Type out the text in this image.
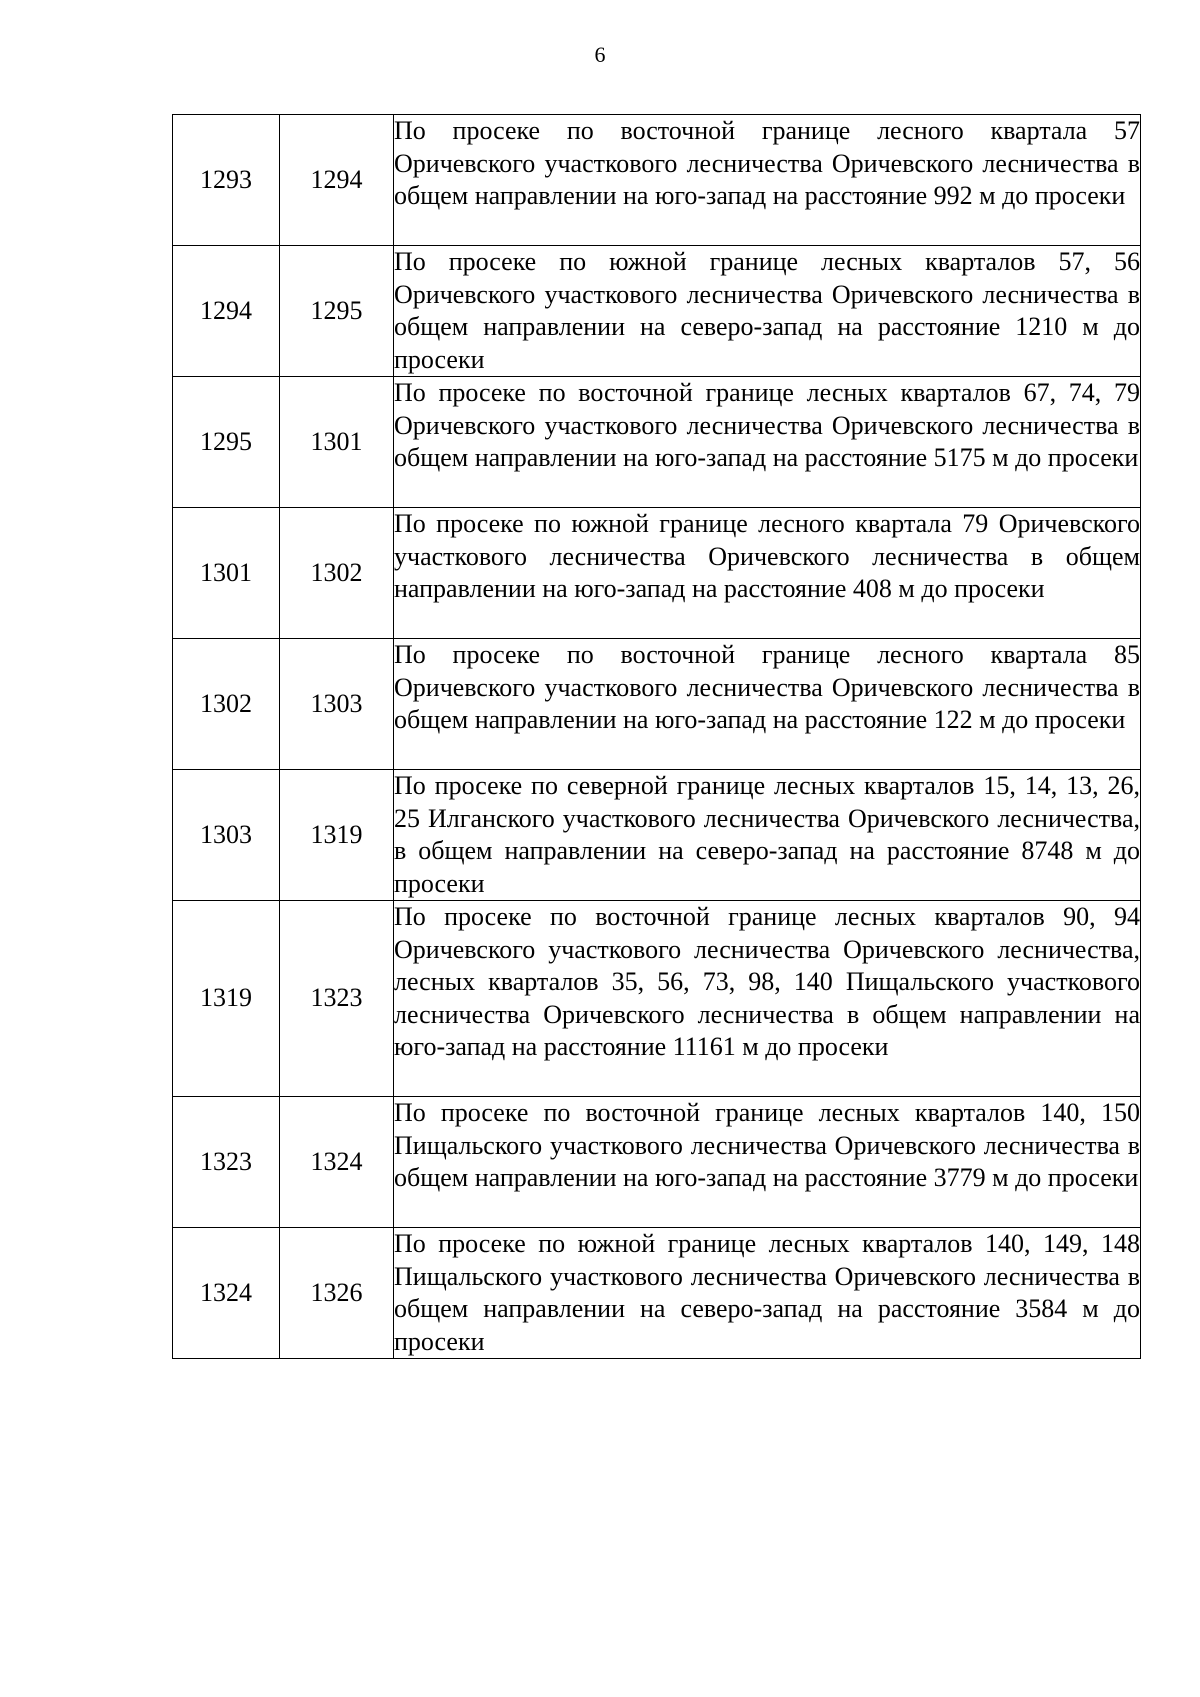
6
1293	1294	По просеке по восточной границе лесного квартала 57 Оричевского участкового лесничества Оричевского лесничества в общем направлении на юго-запад на расстояние 992 м до просеки
1294	1295	По просеке по южной границе лесных кварталов 57, 56 Оричевского участкового лесничества Оричевского лесничества в общем направлении на северо-запад на расстояние 1210 м до просеки
1295	1301	По просеке по восточной границе лесных кварталов 67, 74, 79 Оричевского участкового лесничества Оричевского лесничества в общем направлении на юго-запад на расстояние 5175 м до просеки
1301	1302	По просеке по южной границе лесного квартала 79 Оричевского участкового лесничества Оричевского лесничества в общем направлении на юго-запад на расстояние 408 м до просеки
1302	1303	По просеке по восточной границе лесного квартала 85 Оричевского участкового лесничества Оричевского лесничества в общем направлении на юго-запад на расстояние 122 м до просеки
1303	1319	По просеке по северной границе лесных кварталов 15, 14, 13, 26, 25 Илганского участкового лесничества Оричевского лесничества, в общем направлении на северо-запад на расстояние 8748 м до просеки
1319	1323	По просеке по восточной границе лесных кварталов 90, 94 Оричевского участкового лесничества Оричевского лесничества, лесных кварталов 35, 56, 73, 98, 140 Пищальского участкового лесничества Оричевского лесничества в общем направлении на юго-запад на расстояние 11161 м до просеки
1323	1324	По просеке по восточной границе лесных кварталов 140, 150 Пищальского участкового лесничества Оричевского лесничества в общем направлении на юго-запад на расстояние 3779 м до просеки
1324	1326	По просеке по южной границе лесных кварталов 140, 149, 148 Пищальского участкового лесничества Оричевского лесничества в общем направлении на северо-запад на расстояние 3584 м до просеки
